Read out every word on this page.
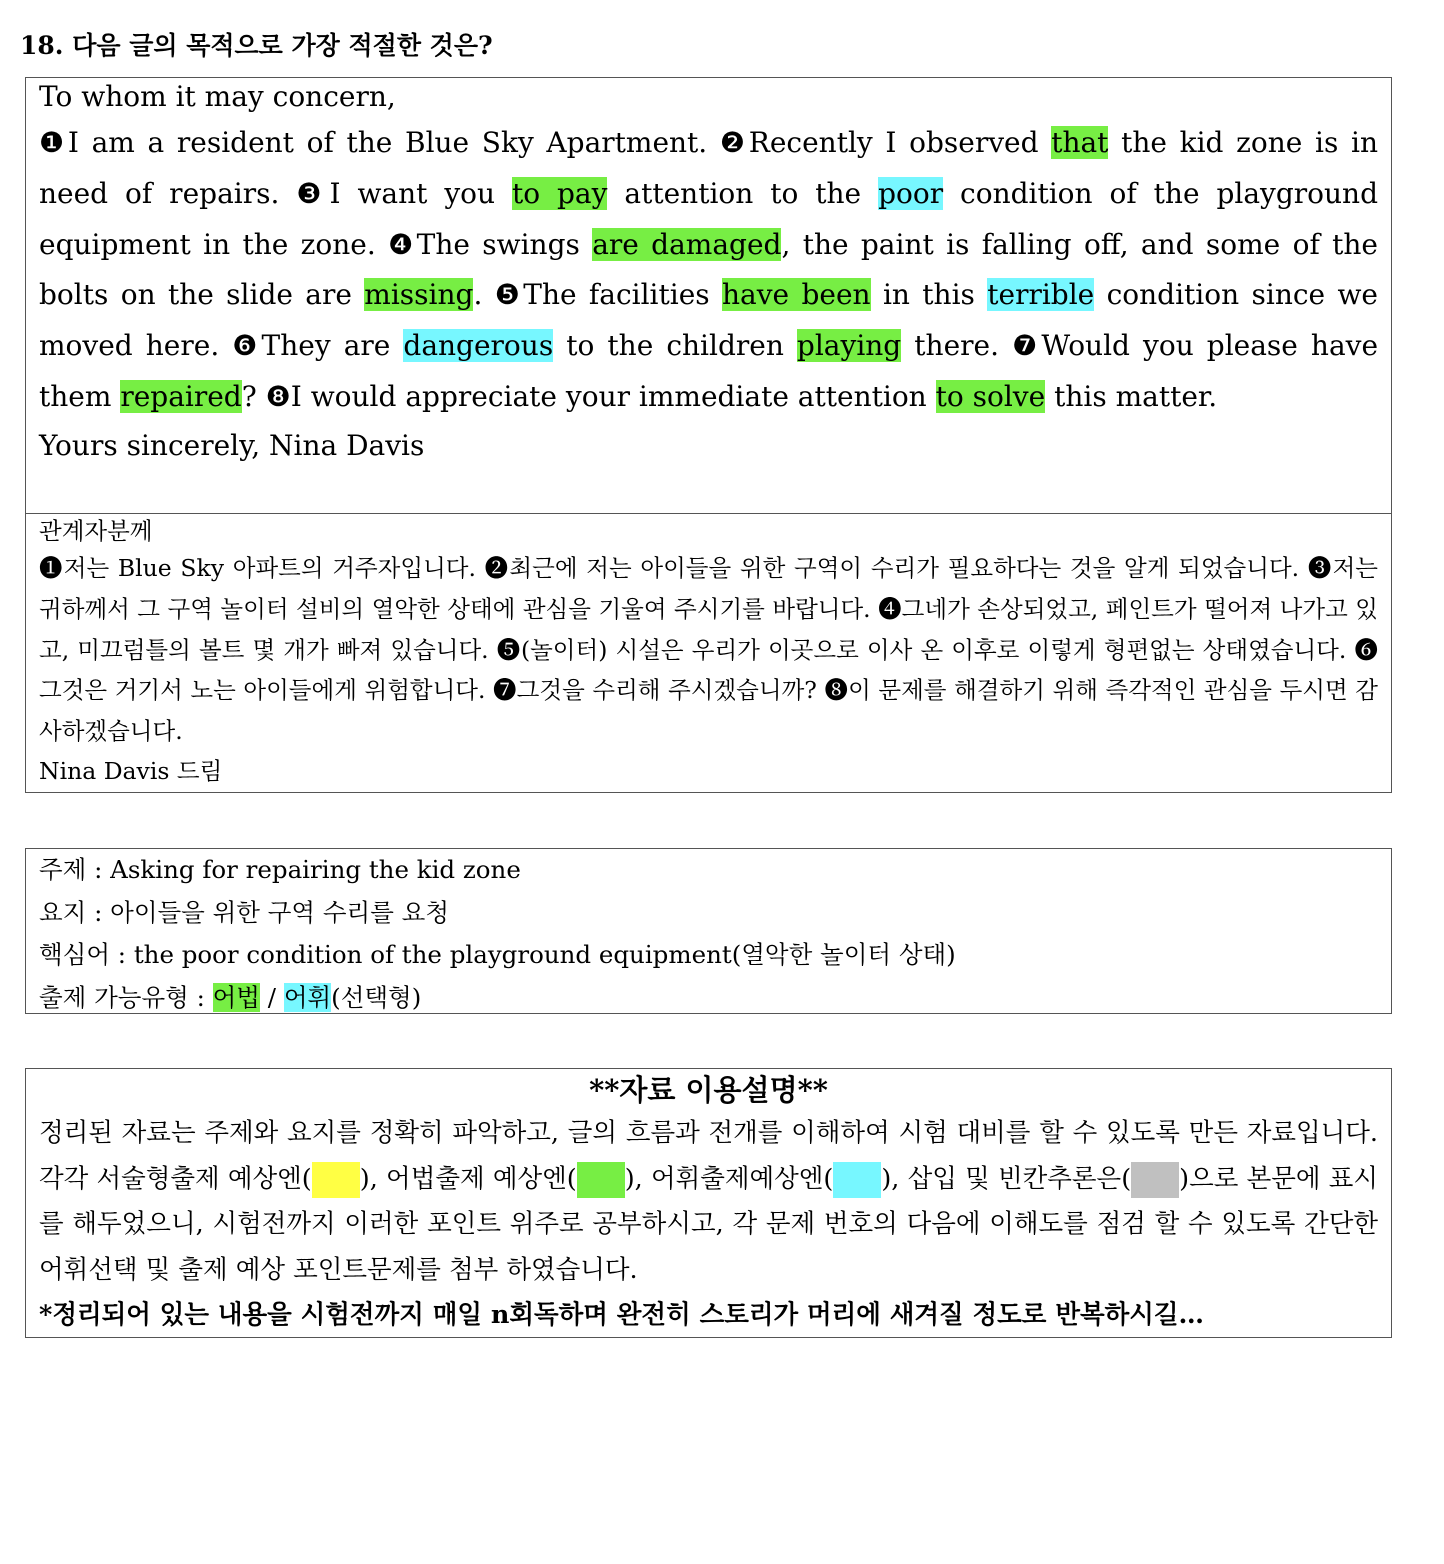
18. 다음 글의 목적으로 가장 적절한 것은?
To whom it may concern,
❶I am a resident of the Blue Sky Apartment. ❷Recently I observed that the kid zone is in need of repairs. ❸I want you to pay attention to the poor condition of the playground equipment in the zone. ❹The swings are damaged, the paint is falling off, and some of the bolts on the slide are missing. ❺The facilities have been in this terrible condition since we moved here. ❻They are dangerous to the children playing there. ❼Would you please have them repaired? ❽I would appreciate your immediate attention to solve this matter.
Yours sincerely, Nina Davis
관계자분께
❶저는 Blue Sky 아파트의 거주자입니다. ❷최근에 저는 아이들을 위한 구역이 수리가 필요하다는 것을 알게 되었습니다. ❸저는 귀하께서 그 구역 놀이터 설비의 열악한 상태에 관심을 기울여 주시기를 바랍니다. ❹그네가 손상되었고, 페인트가 떨어져 나가고 있고, 미끄럼틀의 볼트 몇 개가 빠져 있습니다. ❺(놀이터) 시설은 우리가 이곳으로 이사 온 이후로 이렇게 형편없는 상태였습니다. ❻그것은 거기서 노는 아이들에게 위험합니다. ❼그것을 수리해 주시겠습니까? ❽이 문제를 해결하기 위해 즉각적인 관심을 두시면 감사하겠습니다.
Nina Davis 드림
주제 : Asking for repairing the kid zone
요지 : 아이들을 위한 구역 수리를 요청
핵심어 : the poor condition of the playground equipment(열악한 놀이터 상태)
출제 가능유형 : 어법 / 어휘(선택형)
**자료 이용설명**
정리된 자료는 주제와 요지를 정확히 파악하고, 글의 흐름과 전개를 이해하여 시험 대비를 할 수 있도록 만든 자료입니다. 각각 서술형출제 예상엔( ), 어법출제 예상엔( ), 어휘출제예상엔( ), 삽입 및 빈칸추론은( )으로 본문에 표시를 해두었으니, 시험전까지 이러한 포인트 위주로 공부하시고, 각 문제 번호의 다음에 이해도를 점검 할 수 있도록 간단한 어휘선택 및 출제 예상 포인트문제를 첨부 하였습니다.
*정리되어 있는 내용을 시험전까지 매일 n회독하며 완전히 스토리가 머리에 새겨질 정도로 반복하시길…
